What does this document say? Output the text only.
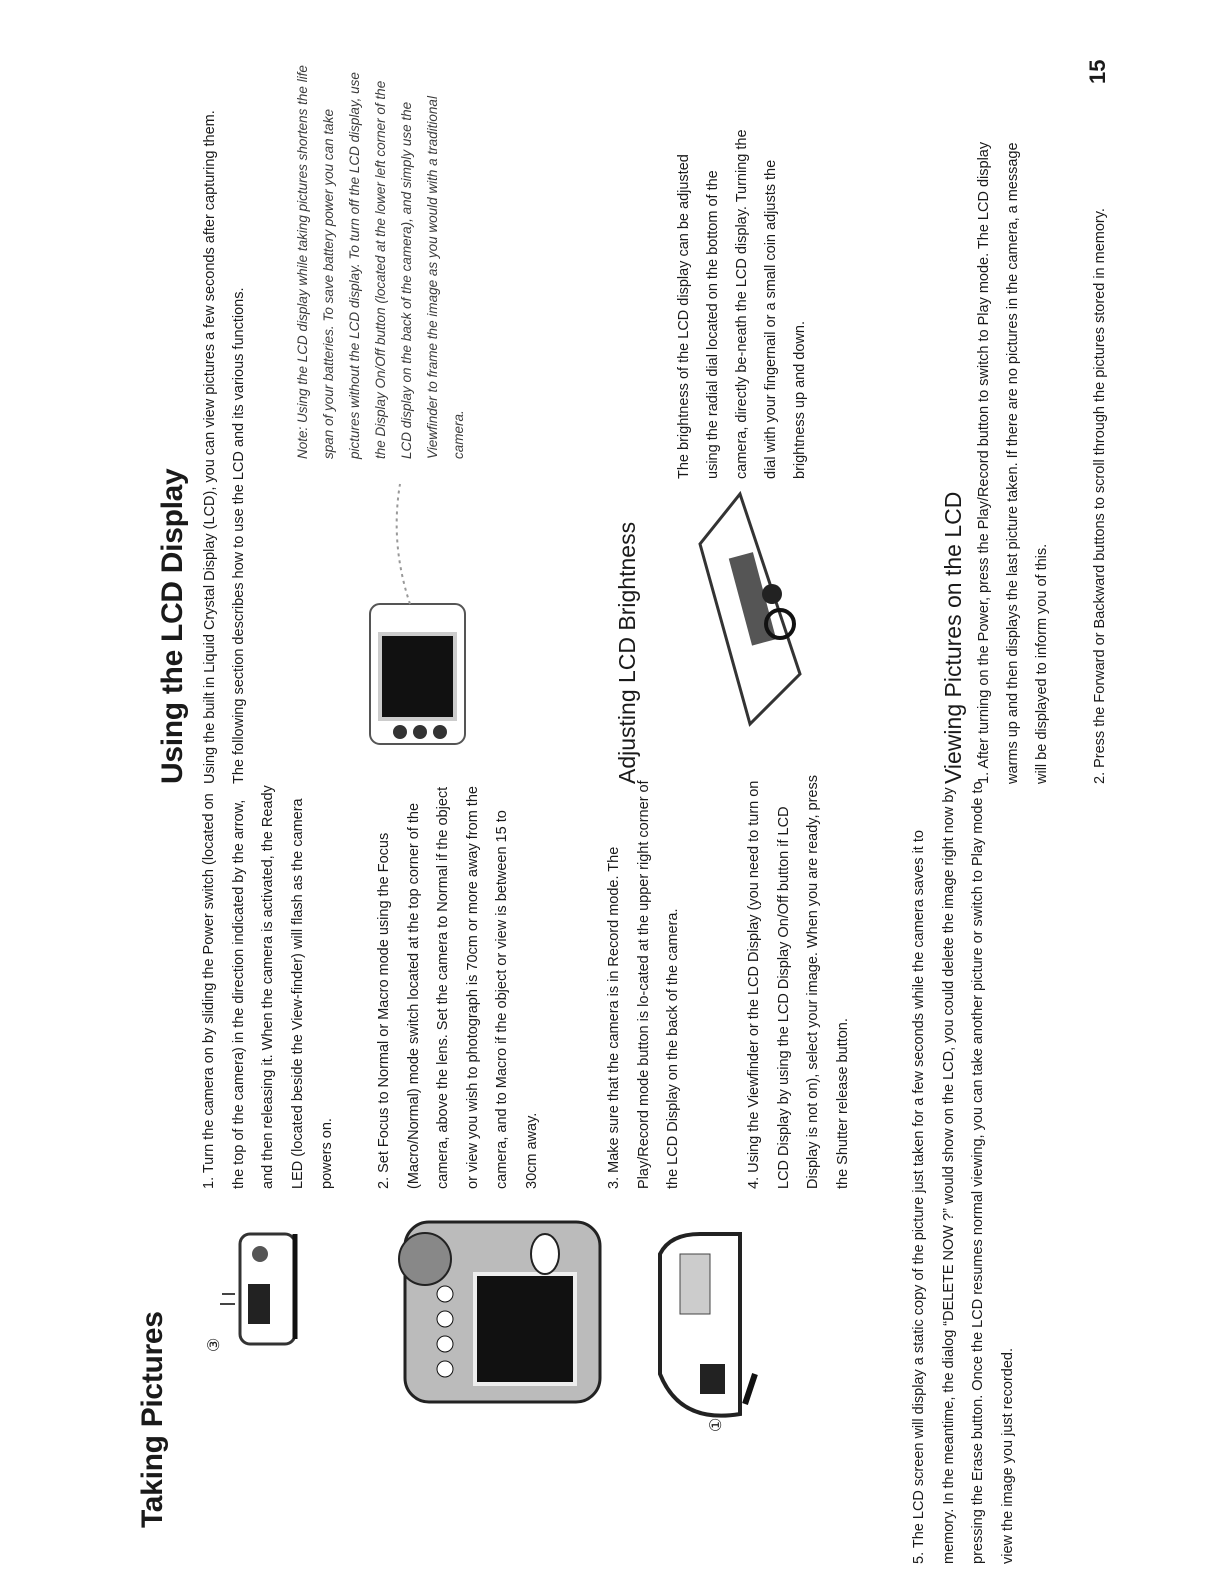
Taking Pictures ③
①
1. Turn the camera on by sliding the Power switch (located on the top of the camera) in the direction indicated by the arrow, and then releasing it. When the camera is activated, the Ready LED (located beside the View-finder) will flash as the camera powers on.	2. Set Focus to Normal or Macro mode using the Focus (Macro/Normal) mode switch located at the top corner of the camera, above the lens. Set the camera to Normal if the object or view you wish to photograph is 70cm or more away from the camera, and to Macro if the object or view is between 15 to 30cm away.	3. Make sure that the camera is in Record mode. The Play/Record mode button is lo-cated at the upper right corner of the LCD Display on the back of the camera.	4. Using the Viewfinder or the LCD Display (you need to turn on LCD Display by using the LCD Display On/Off button if LCD Display is not on), select your image. When you are ready, press the Shutter release button.	5. The LCD screen will display a static copy of the picture just taken for a few seconds while the camera saves it to memory. In the meantime, the dialog “DELETE NOW ?” would show on the LCD, you could delete the image right now by pressing the Erase button. Once the LCD resumes normal viewing, you can take another picture or switch to Play mode to view the image you just recorded.
Using the LCD Display Using the built in Liquid Crystal Display (LCD), you can view pictures a few seconds after capturing them. The following section describes how to use the LCD and its various functions.
Note: Using the LCD display while taking pictures shortens the life span of your batteries. To save battery power you can take pictures without the LCD display. To turn off the LCD display, use the Display On/Off button (located at the lower left corner of the LCD display on the back of the camera), and simply use the Viewfinder to frame the image as you would with a traditional camera.
Adjusting LCD Brightness
The brightness of the LCD display can be adjusted using the radial dial located on the bottom of the camera, directly be-neath the LCD display. Turning the dial with your fingernail or a small coin adjusts the brightness up and down.
Viewing Pictures on the LCD 1. After turning on the Power, press the Play/Record button to switch to Play mode. The LCD display warms up and then displays the last picture taken. If there are no pictures in the camera, a message will be displayed to inform you of this.	2. Press the Forward or Backward buttons to scroll through the pictures stored in memory.
15
